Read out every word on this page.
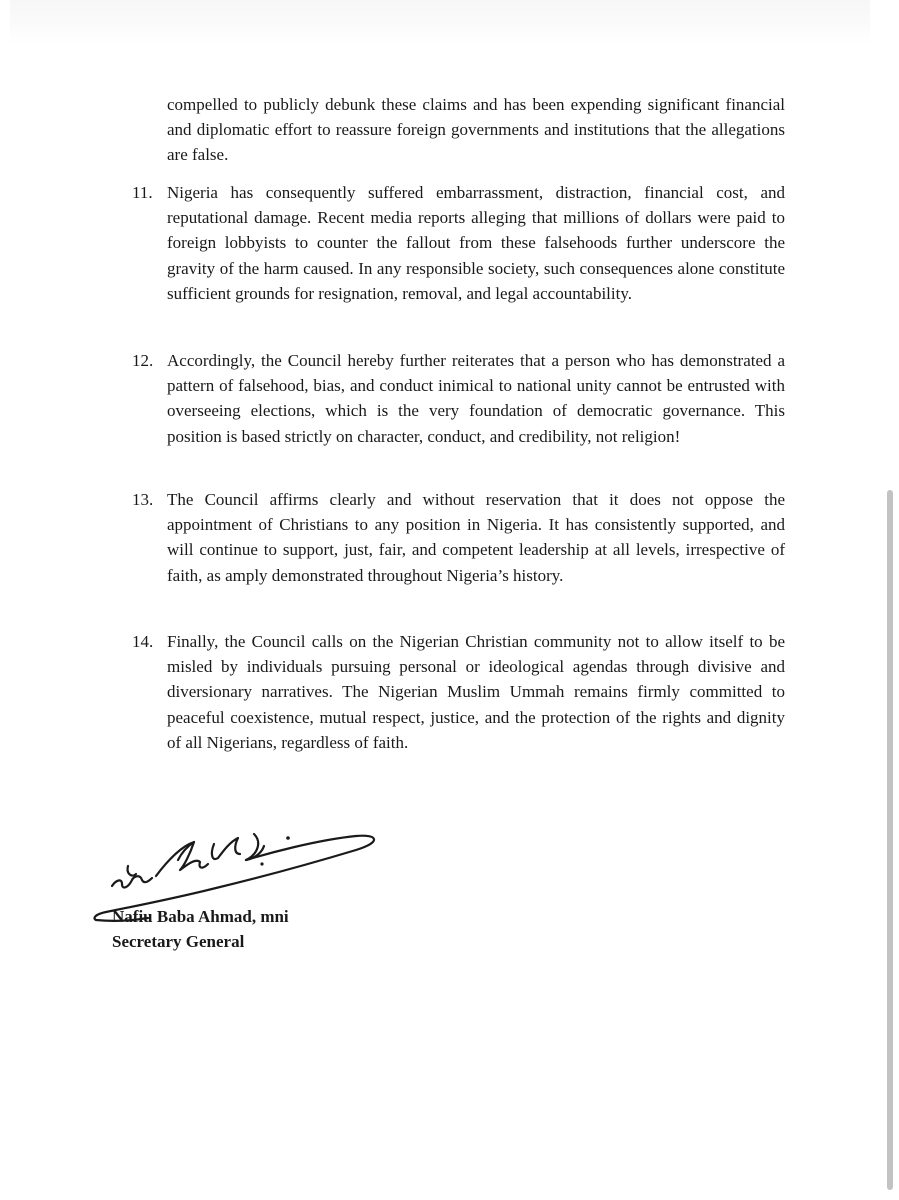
compelled to publicly debunk these claims and has been expending significant financial and diplomatic effort to reassure foreign governments and institutions that the allegations are false.

11. Nigeria has consequently suffered embarrassment, distraction, financial cost, and reputational damage. Recent media reports alleging that millions of dollars were paid to foreign lobbyists to counter the fallout from these falsehoods further underscore the gravity of the harm caused. In any responsible society, such consequences alone constitute sufficient grounds for resignation, removal, and legal accountability.

12. Accordingly, the Council hereby further reiterates that a person who has demonstrated a pattern of falsehood, bias, and conduct inimical to national unity cannot be entrusted with overseeing elections, which is the very foundation of democratic governance. This position is based strictly on character, conduct, and credibility, not religion!

13. The Council affirms clearly and without reservation that it does not oppose the appointment of Christians to any position in Nigeria. It has consistently supported, and will continue to support, just, fair, and competent leadership at all levels, irrespective of faith, as amply demonstrated throughout Nigeria’s history.

14. Finally, the Council calls on the Nigerian Christian community not to allow itself to be misled by individuals pursuing personal or ideological agendas through divisive and diversionary narratives. The Nigerian Muslim Ummah remains firmly committed to peaceful coexistence, mutual respect, justice, and the protection of the rights and dignity of all Nigerians, regardless of faith.

Nafiu Baba Ahmad, mni
Secretary General
